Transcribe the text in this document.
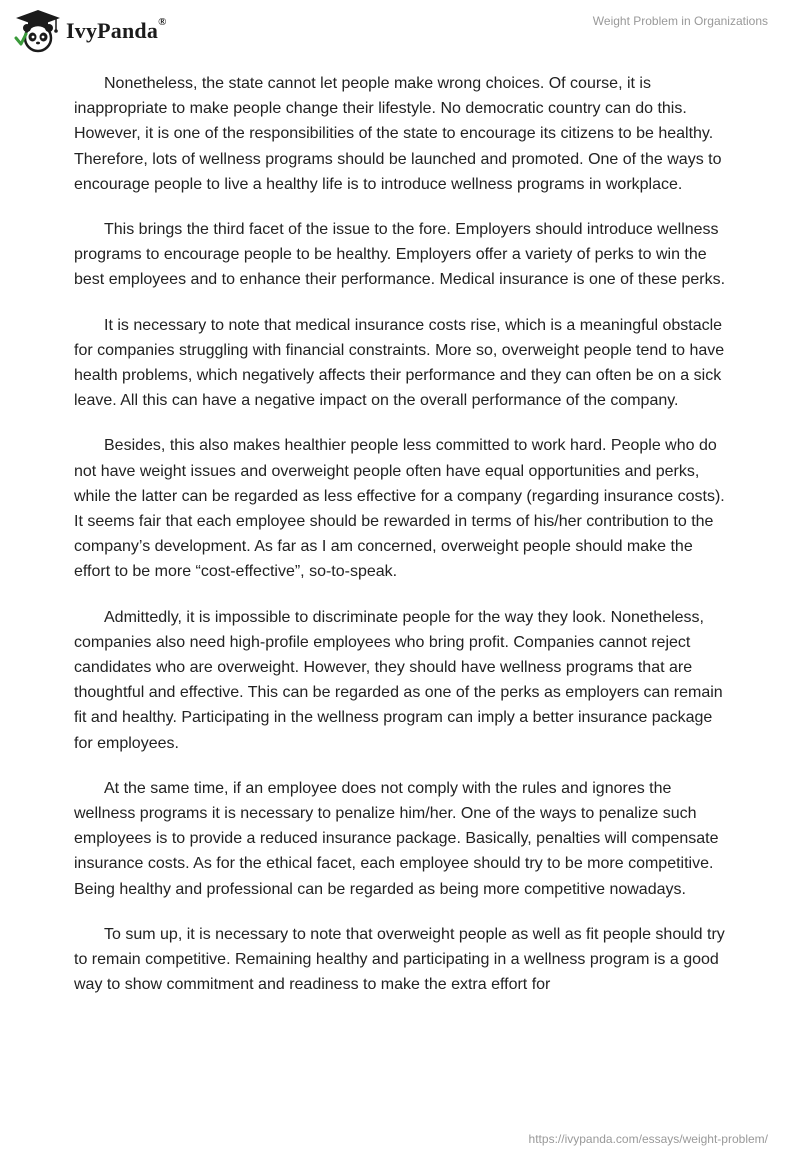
IvyPanda®	Weight Problem in Organizations

Nonetheless, the state cannot let people make wrong choices. Of course, it is inappropriate to make people change their lifestyle. No democratic country can do this. However, it is one of the responsibilities of the state to encourage its citizens to be healthy. Therefore, lots of wellness programs should be launched and promoted. One of the ways to encourage people to live a healthy life is to introduce wellness programs in workplace.

This brings the third facet of the issue to the fore. Employers should introduce wellness programs to encourage people to be healthy. Employers offer a variety of perks to win the best employees and to enhance their performance. Medical insurance is one of these perks.

It is necessary to note that medical insurance costs rise, which is a meaningful obstacle for companies struggling with financial constraints. More so, overweight people tend to have health problems, which negatively affects their performance and they can often be on a sick leave. All this can have a negative impact on the overall performance of the company.

Besides, this also makes healthier people less committed to work hard. People who do not have weight issues and overweight people often have equal opportunities and perks, while the latter can be regarded as less effective for a company (regarding insurance costs). It seems fair that each employee should be rewarded in terms of his/her contribution to the company’s development. As far as I am concerned, overweight people should make the effort to be more “cost-effective”, so-to-speak.

Admittedly, it is impossible to discriminate people for the way they look. Nonetheless, companies also need high-profile employees who bring profit. Companies cannot reject candidates who are overweight. However, they should have wellness programs that are thoughtful and effective. This can be regarded as one of the perks as employers can remain fit and healthy. Participating in the wellness program can imply a better insurance package for employees.

At the same time, if an employee does not comply with the rules and ignores the wellness programs it is necessary to penalize him/her. One of the ways to penalize such employees is to provide a reduced insurance package. Basically, penalties will compensate insurance costs. As for the ethical facet, each employee should try to be more competitive. Being healthy and professional can be regarded as being more competitive nowadays.

To sum up, it is necessary to note that overweight people as well as fit people should try to remain competitive. Remaining healthy and participating in a wellness program is a good way to show commitment and readiness to make the extra effort for

https://ivypanda.com/essays/weight-problem/
